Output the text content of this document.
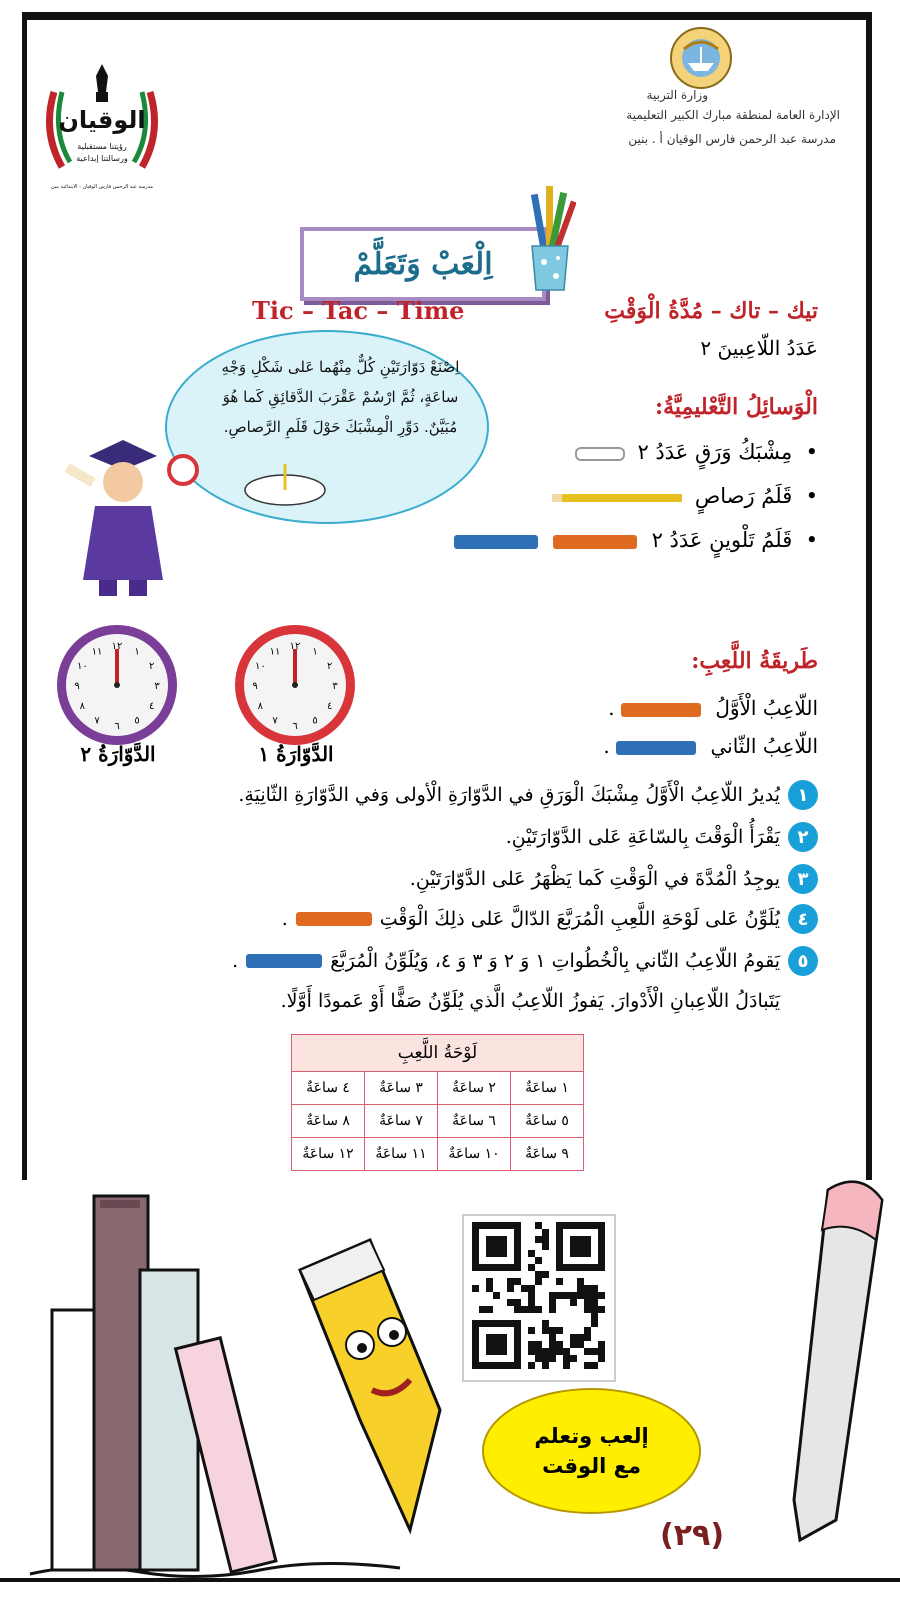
الوقيان
رؤيتنا مستقبلية
ورسالتنا إبداعية
مدرسة عبد الرحمن فارس الوقيان - الابتدائية بنين
وزارة التربية
الإدارة العامة لمنطقة مبارك الكبير التعليمية
مدرسة عبد الرحمن فارس الوقيان أ . بنين
اِلْعَبْ وَتَعَلَّمْ
Tic – Tac – Time	تيك – تاك – مُدَّةُ الْوَقْتِ
عَدَدُ اللّاعِبينَ ٢
الْوَسائِلُ التَّعْليمِيَّةُ:
•  مِشْبَكُ وَرَقٍ عَدَدُ ٢
•  قَلَمُ رَصاصٍ
•  قَلَمُ تَلْوينٍ عَدَدُ ٢
اِصْنَعْ دَوّارَتَيْنِ كُلٌّ مِنْهُما عَلى شَكْلِ وَجْهِ ساعَةٍ، ثُمَّ ارْسُمْ عَقْرَبَ الدَّقائِقِ كَما هُوَ مُبَيَّنٌ. دَوِّرِ الْمِشْبَكَ حَوْلَ قَلَمِ الرَّصاصِ.
١٢ ١
٢
٣
٤
٥
٦
٧
٨
٩
١٠
١١
الدَّوّارَةُ ١
١٢ ١
٢
٣
٤
٥
٦
٧
٨
٩
١٠
١١
الدَّوّارَةُ ٢
طَريقَةُ اللَّعِبِ:
اللّاعِبُ الْأَوَّلُ  .
اللّاعِبُ الثّاني  .
١
يُديرُ اللّاعِبُ الْأَوَّلُ مِشْبَكَ الْوَرَقِ في الدَّوّارَةِ الْأولى وَفي الدَّوّارَةِ الثّانِيَةِ.
٢
يَقْرَأُ الْوَقْتَ بِالسّاعَةِ عَلى الدَّوّارَتَيْنِ.
٣
يوجِدُ الْمُدَّةَ في الْوَقْتِ كَما يَظْهَرُ عَلى الدَّوّارَتَيْنِ.
٤
يُلَوِّنُ عَلى لَوْحَةِ اللَّعِبِ الْمُرَبَّعَ الدّالَّ عَلى ذلِكَ الْوَقْتِ
.
٥
يَقومُ اللّاعِبُ الثّاني بِالْخُطُواتِ ١ وَ ٢ وَ ٣ وَ ٤، وَيُلَوِّنُ الْمُرَبَّعَ
.
يَتَبادَلُ اللّاعِبانِ الْأَدْوارَ. يَفوزُ اللّاعِبُ الَّذي يُلَوِّنُ صَفًّا أَوْ عَمودًا أَوَّلًا.
لَوْحَةُ اللَّعِبِ			
١ ساعَةٌ	٢ ساعَةٌ	٣ ساعَةٌ	٤ ساعَةٌ
٥ ساعَةٌ	٦ ساعَةٌ	٧ ساعَةٌ	٨ ساعَةٌ
٩ ساعَةٌ	١٠ ساعَةٌ	١١ ساعَةٌ	١٢ ساعَةٌ
إلعب وتعلم
مع الوقت
(٢٩)
